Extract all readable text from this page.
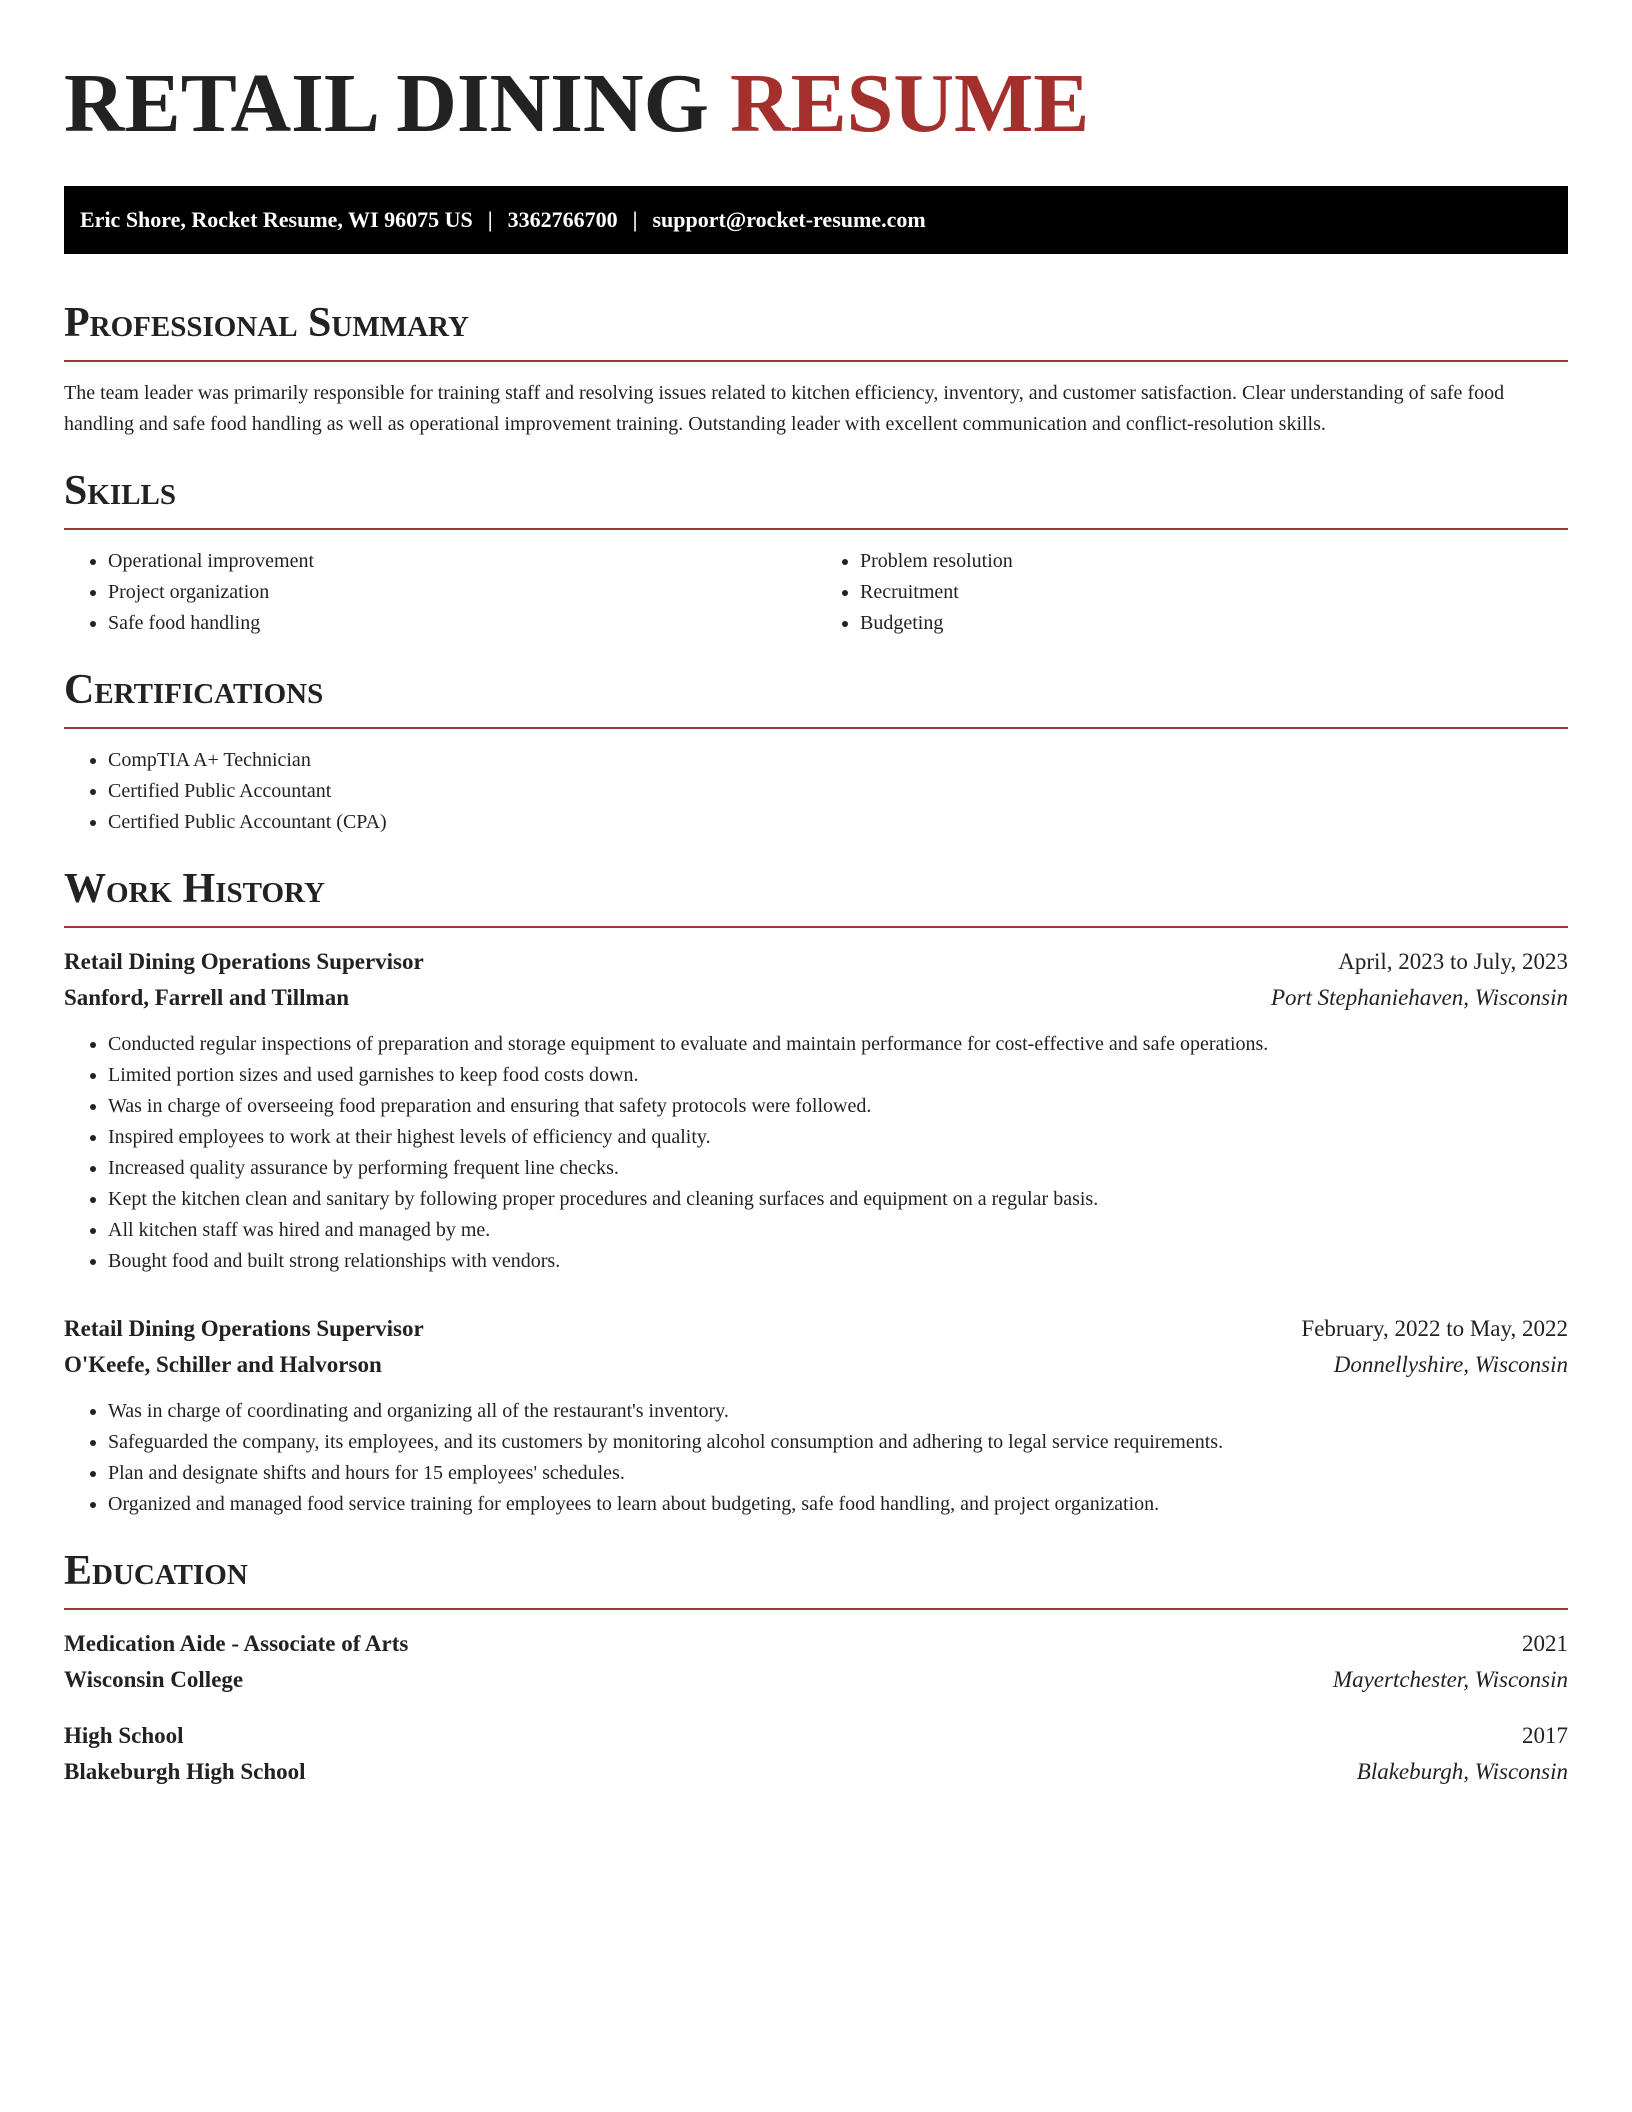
RETAIL DINING RESUME
Eric Shore, Rocket Resume, WI 96075 US | 3362766700 | support@rocket-resume.com
Professional Summary

The team leader was primarily responsible for training staff and resolving issues related to kitchen efficiency, inventory, and customer satisfaction. Clear understanding of safe food handling and safe food handling as well as operational improvement training. Outstanding leader with excellent communication and conflict-resolution skills.

Skills
• Operational improvement
• Project organization
• Safe food handling
• Problem resolution
• Recruitment
• Budgeting
Certifications
• CompTIA A+ Technician
• Certified Public Accountant
• Certified Public Accountant (CPA)
Work History
Retail Dining Operations Supervisor	April, 2023 to July, 2023
Sanford, Farrell and Tillman	Port Stephaniehaven, Wisconsin
• Conducted regular inspections of preparation and storage equipment to evaluate and maintain performance for cost-effective and safe operations.
• Limited portion sizes and used garnishes to keep food costs down.
• Was in charge of overseeing food preparation and ensuring that safety protocols were followed.
• Inspired employees to work at their highest levels of efficiency and quality.
• Increased quality assurance by performing frequent line checks.
• Kept the kitchen clean and sanitary by following proper procedures and cleaning surfaces and equipment on a regular basis.
• All kitchen staff was hired and managed by me.
• Bought food and built strong relationships with vendors.
Retail Dining Operations Supervisor	February, 2022 to May, 2022
O'Keefe, Schiller and Halvorson	Donnellyshire, Wisconsin
• Was in charge of coordinating and organizing all of the restaurant's inventory.
• Safeguarded the company, its employees, and its customers by monitoring alcohol consumption and adhering to legal service requirements.
• Plan and designate shifts and hours for 15 employees' schedules.
• Organized and managed food service training for employees to learn about budgeting, safe food handling, and project organization.
Education
Medication Aide - Associate of Arts	2021
Wisconsin College	Mayertchester, Wisconsin
High School	2017
Blakeburgh High School	Blakeburgh, Wisconsin
